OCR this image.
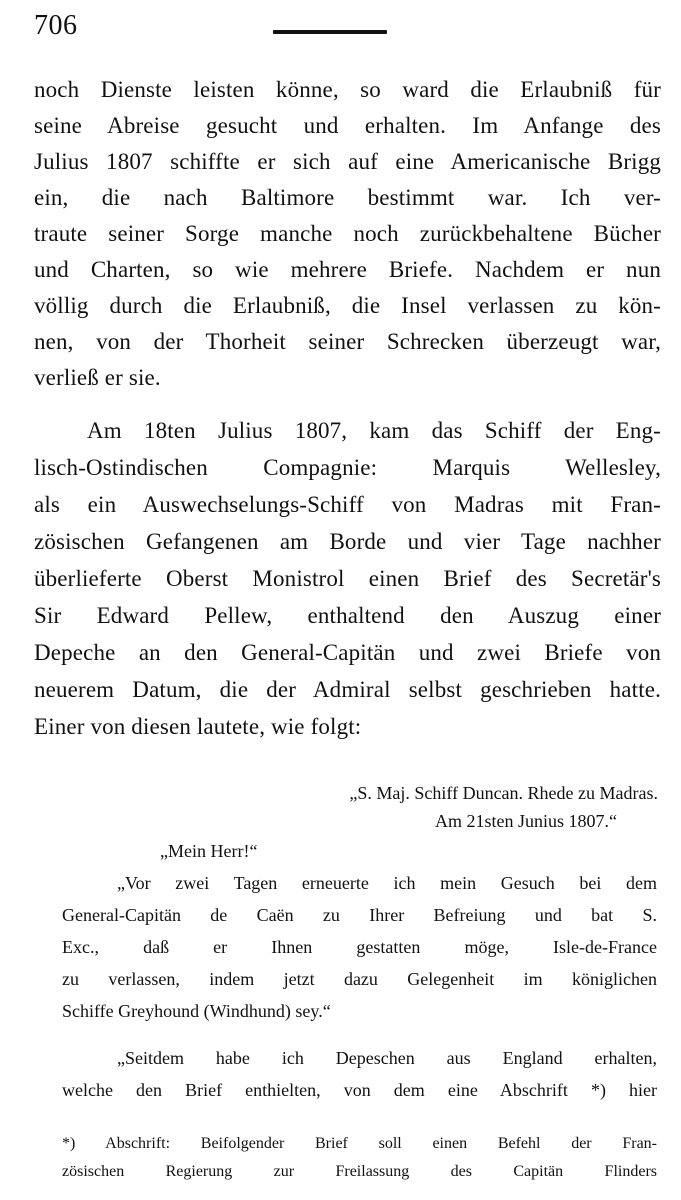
706
noch Dienste leisten könne, so ward die Erlaubniß für
seine Abreise gesucht und erhalten. Im Anfange des
Julius 1807 schiffte er sich auf eine Americanische Brigg
ein, die nach Baltimore bestimmt war. Ich ver-
traute seiner Sorge manche noch zurückbehaltene Bücher
und Charten, so wie mehrere Briefe. Nachdem er nun
völlig durch die Erlaubniß, die Insel verlassen zu kön-
nen, von der Thorheit seiner Schrecken überzeugt war,
verließ er sie.
Am 18ten Julius 1807, kam das Schiff der Eng-
lisch-Ostindischen Compagnie: Marquis Wellesley,
als ein Auswechselungs-Schiff von Madras mit Fran-
zösischen Gefangenen am Borde und vier Tage nachher
überlieferte Oberst Monistrol einen Brief des Secretär's
Sir Edward Pellew, enthaltend den Auszug einer
Depeche an den General-Capitän und zwei Briefe von
neuerem Datum, die der Admiral selbst geschrieben hatte.
Einer von diesen lautete, wie folgt:
„S. Maj. Schiff Duncan. Rhede zu Madras.
Am 21sten Junius 1807.“
„Mein Herr!“
„Vor zwei Tagen erneuerte ich mein Gesuch bei dem
General-Capitän de Caën zu Ihrer Befreiung und bat S.
Exc., daß er Ihnen gestatten möge, Isle-de-France
zu verlassen, indem jetzt dazu Gelegenheit im königlichen
Schiffe Greyhound (Windhund) sey.“
„Seitdem habe ich Depeschen aus England erhalten,
welche den Brief enthielten, von dem eine Abschrift *) hier
*) Abschrift: Beifolgender Brief soll einen Befehl der Fran-
zösischen Regierung zur Freilassung des Capitän Flinders
